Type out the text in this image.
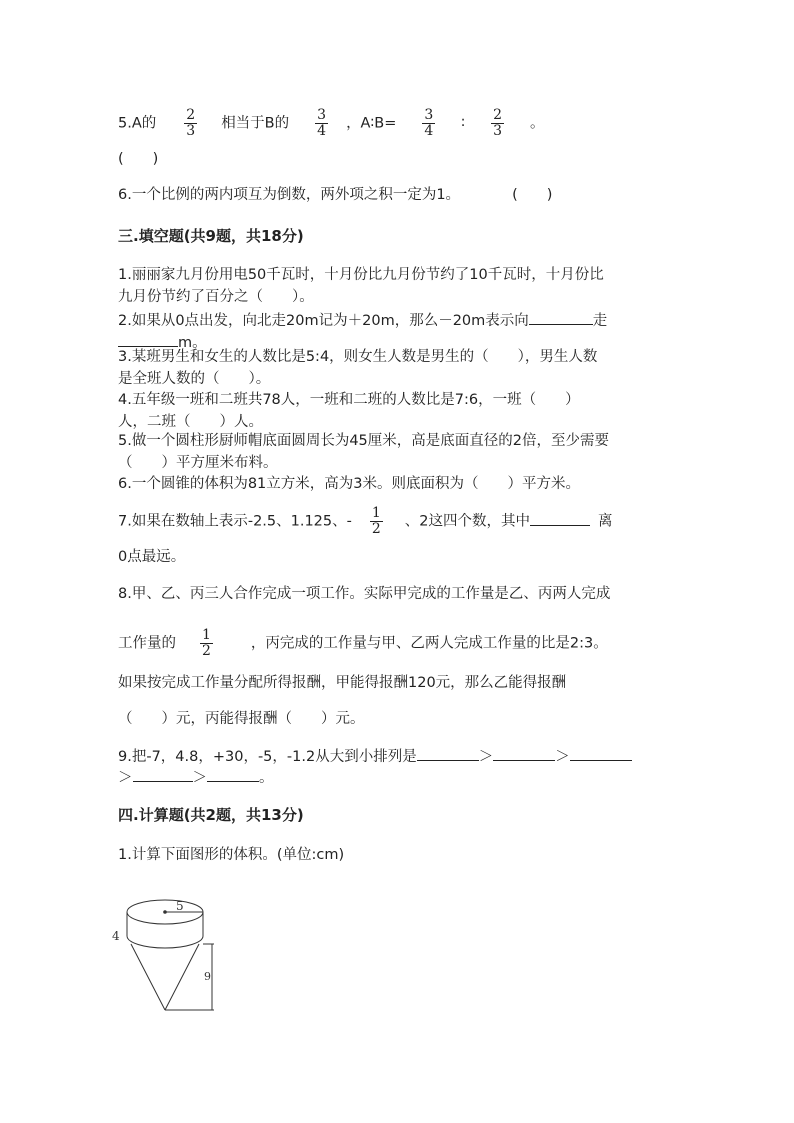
5.A的 $\frac{2}{3}$ 相当于B的 $\frac{3}{4}$ ，A∶B= $\frac{3}{4}$ ∶ $\frac{2}{3}$ 。
(　　)
6.一个比例的两内项互为倒数，两外项之积一定为1。	(　　)
三.填空题(共9题，共18分)
1.丽丽家九月份用电50千瓦时，十月份比九月份节约了10千瓦时，十月份比
九月份节约了百分之（　　）。
2.如果从0点出发，向北走20m记为＋20m，那么－20m表示向	走
m。
3.某班男生和女生的人数比是5:4，则女生人数是男生的（　　），男生人数
是全班人数的（　　）。
4.五年级一班和二班共78人，一班和二班的人数比是7:6，一班（　　）
人，二班（　　）人。
5.做一个圆柱形厨师帽底面圆周长为45厘米，高是底面直径的2倍，至少需要
（　　）平方厘米布料。
6.一个圆锥的体积为81立方米，高为3米。则底面积为（　　）平方米。
7.如果在数轴上表示-2.5、1.125、- $\frac{1}{2}$ 、2这四个数，其中	离
0点最远。
8.甲、乙、丙三人合作完成一项工作。实际甲完成的工作量是乙、丙两人完成
工作量的 $\frac{1}{2}$	，丙完成的工作量与甲、乙两人完成工作量的比是2:3。
如果按完成工作量分配所得报酬，甲能得报酬120元，那么乙能得报酬
（　　）元，丙能得报酬（　　）元。
9.把-7，4.8，+30，-5，-1.2从大到小排列是	＞	＞
＞	＞	。
四.计算题(共2题，共13分)
1.计算下面图形的体积。(单位:cm)
5
4
9
